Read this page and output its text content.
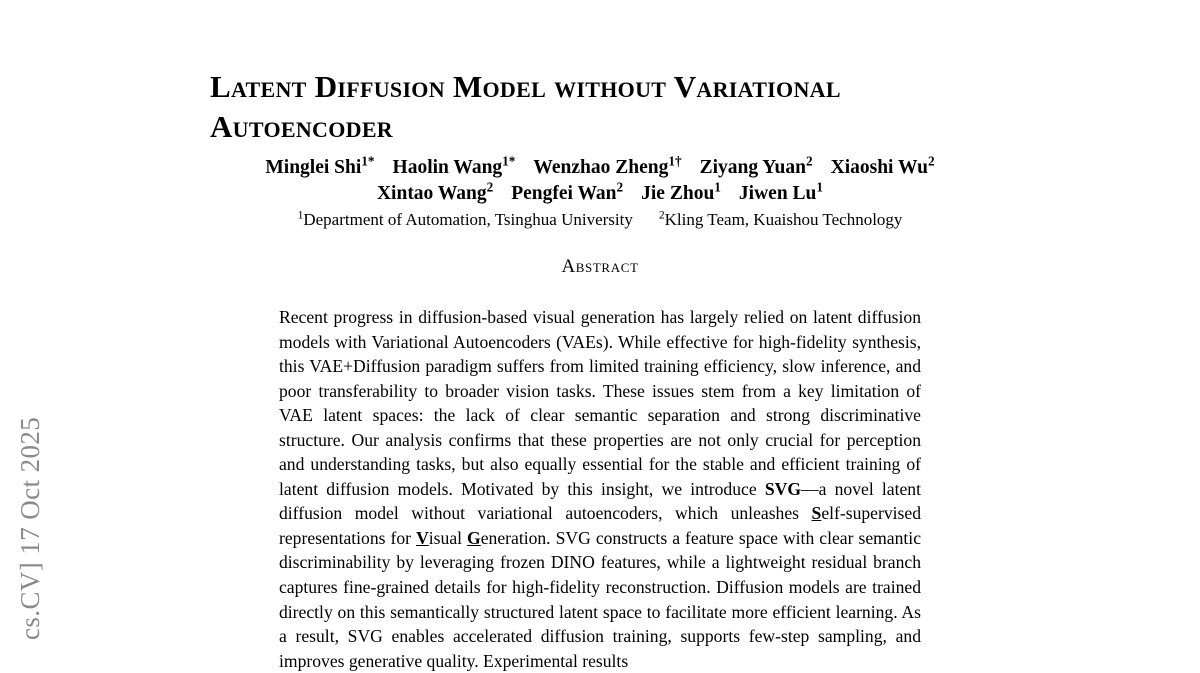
cs.CV] 17 Oct 2025
Latent Diffusion Model without Variational Autoencoder
Minglei Shi$^{1*}$ Haolin Wang$^{1*}$ Wenzhao Zheng$^{1\dagger}$ Ziyang Yuan$^2$ Xiaoshi Wu$^2$
Xintao Wang$^2$ Pengfei Wan$^2$ Jie Zhou$^1$ Jiwen Lu$^1$
$^1$Department of Automation, Tsinghua University $^2$Kling Team, Kuaishou Technology
Abstract
Recent progress in diffusion-based visual generation has largely relied on latent diffusion models with Variational Autoencoders (VAEs). While effective for high-fidelity synthesis, this VAE+Diffusion paradigm suffers from limited training efficiency, slow inference, and poor transferability to broader vision tasks. These issues stem from a key limitation of VAE latent spaces: the lack of clear semantic separation and strong discriminative structure. Our analysis confirms that these properties are not only crucial for perception and understanding tasks, but also equally essential for the stable and efficient training of latent diffusion models. Motivated by this insight, we introduce SVG—a novel latent diffusion model without variational autoencoders, which unleashes Self-supervised representations for Visual Generation. SVG constructs a feature space with clear semantic discriminability by leveraging frozen DINO features, while a lightweight residual branch captures fine-grained details for high-fidelity reconstruction. Diffusion models are trained directly on this semantically structured latent space to facilitate more efficient learning. As a result, SVG enables accelerated diffusion training, supports few-step sampling, and improves generative quality. Experimental results
